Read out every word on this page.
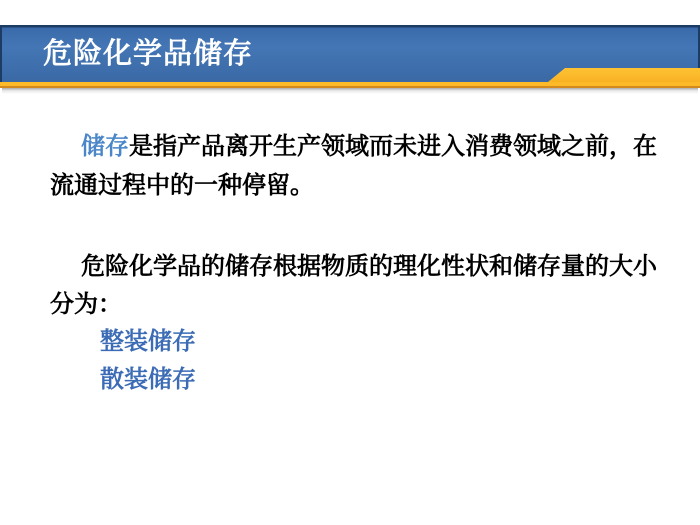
危险化学品储存

储存是指产品离开生产领域而未进入消费领域之前，在
流通过程中的一种停留。

危险化学品的储存根据物质的理化性状和储存量的大小
分为：

整装储存
散装储存
